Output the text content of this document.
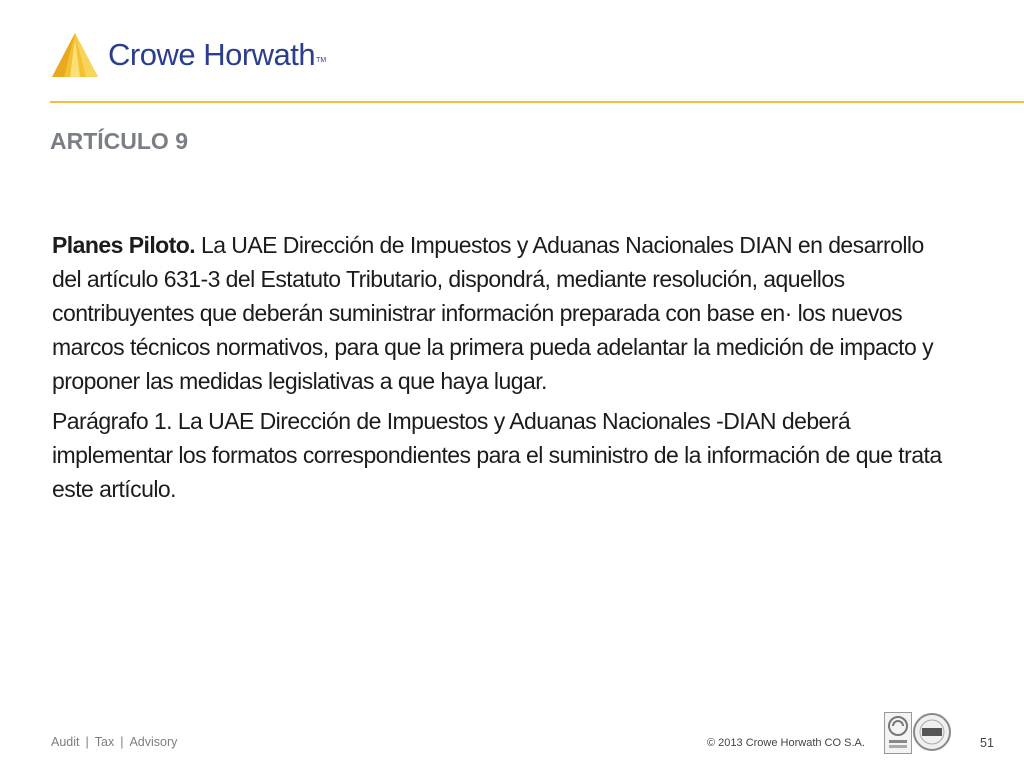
Crowe Horwath TM
ARTÍCULO 9

Planes Piloto. La UAE Dirección de Impuestos y Aduanas Nacionales DIAN en desarrollo del artículo 631-3 del Estatuto Tributario, dispondrá, mediante resolución, aquellos contribuyentes que deberán suministrar información preparada con base en· los nuevos marcos técnicos normativos, para que la primera pueda adelantar la medición de impacto y proponer las medidas legislativas a que haya lugar.

Parágrafo 1. La UAE Dirección de Impuestos y Aduanas Nacionales -DIAN deberá implementar los formatos correspondientes para el suministro de la información de que trata este artículo.

Audit | Tax | Advisory	© 2013 Crowe Horwath CO S.A.	51
